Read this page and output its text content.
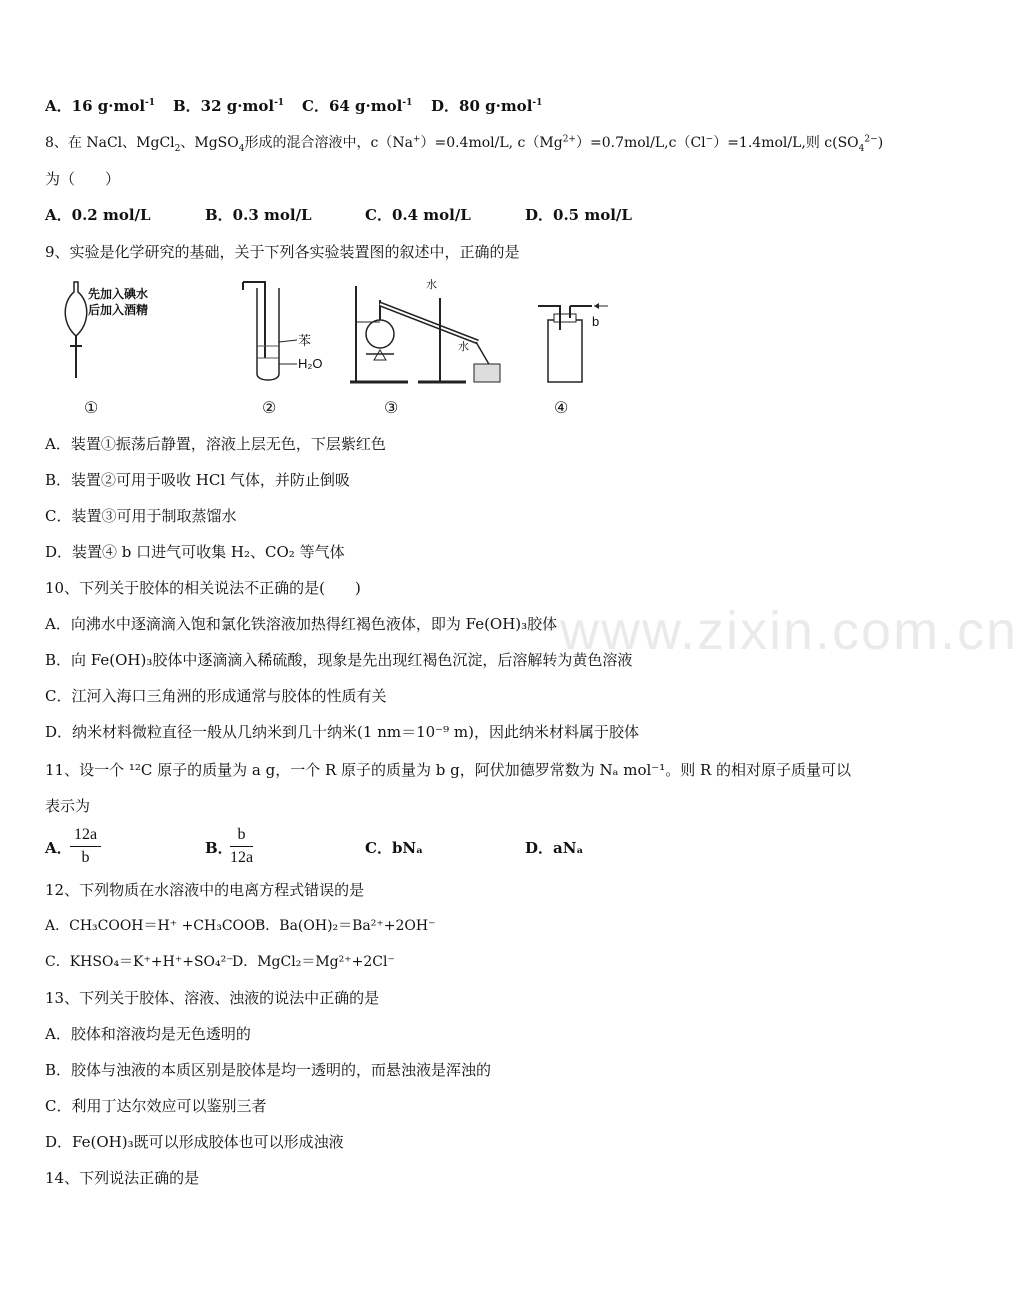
A．16 g·mol$^{-1}$ B．32 g·mol$^{-1}$ C．64 g·mol$^{-1}$ D．80 g·mol$^{-1}$
8、在 NaCl、MgCl$_2$、MgSO$_4$形成的混合溶液中，c（Na+）=0.4mol/L, $c(Mg^{2+})=0.7mol/L,c(Cl^-)=1.4mol/L$,则 $c(SO_4^{2-})$
为（　　）
A．0.2 mol/L	B．0.3 mol/L	C．0.4 mol/L	D．0.5 mol/L
9、实验是化学研究的基础，关于下列各实验装置图的叙述中，正确的是
先加入碘水
后加入酒精
苯
H₂O
水
水
b
①	②	③	④
A．装置①振荡后静置，溶液上层无色，下层紫红色
B．装置②可用于吸收 HCl 气体，并防止倒吸
C．装置③可用于制取蒸馏水
D．装置④ b 口进气可收集 H₂、CO₂ 等气体
10、下列关于胶体的相关说法不正确的是(　　)
A．向沸水中逐滴滴入饱和氯化铁溶液加热得红褐色液体，即为 Fe(OH)₃胶体
B．向 Fe(OH)₃胶体中逐滴滴入稀硫酸，现象是先出现红褐色沉淀，后溶解转为黄色溶液
C．江河入海口三角洲的形成通常与胶体的性质有关
D．纳米材料微粒直径一般从几纳米到几十纳米(1 nm＝10⁻⁹ m)，因此纳米材料属于胶体
11、设一个 ¹²C 原子的质量为 a g，一个 R 原子的质量为 b g，阿伏加德罗常数为 Nₐ mol⁻¹。则 R 的相对原子质量可以
表示为
A．
$\frac{12a}{b}$	B．
$\frac{b}{12a}$	C．bNₐ	D．aNₐ
12、下列物质在水溶液中的电离方程式错误的是
A．CH₃COOH＝H⁺ +CH₃COO⁻
B．Ba(OH)₂＝Ba²⁺+2OH⁻
C．KHSO₄＝K⁺+H⁺+SO₄²⁻
D．MgCl₂＝Mg²⁺+2Cl⁻
13、下列关于胶体、溶液、浊液的说法中正确的是
A．胶体和溶液均是无色透明的
B．胶体与浊液的本质区别是胶体是均一透明的，而悬浊液是浑浊的
C．利用丁达尔效应可以鉴别三者
D．Fe(OH)₃既可以形成胶体也可以形成浊液
14、下列说法正确的是
www.zixin.com.cn
